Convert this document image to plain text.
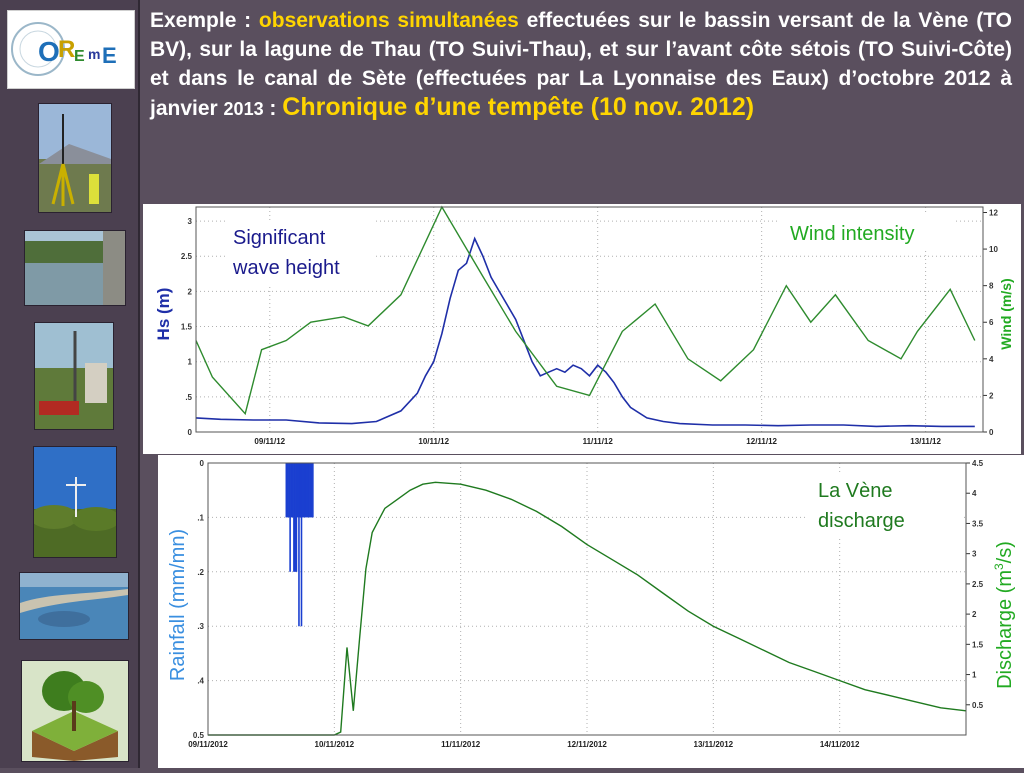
O
R
E m E
Exemple : observations simultanées effectuées sur le bassin versant de la Vène (TO BV), sur la lagune de Thau (TO Suivi-Thau), et sur l’avant côte sétois (TO Suivi-Côte) et dans le canal de Sète (effectuées par La Lyonnaise des Eaux) d’octobre 2012 à janvier 2013 : Chronique d’une tempête (10 nov. 2012)
0
.5
1
1.5
2
2.5
3
0
2
4
6
8
10
12
09/11/12	10/11/12	11/11/12	12/11/12	13/11/12
Hs (m)	Wind (m/s)
Significant
wave height
Wind intensity
0
.1
.2
.3
.4
0.5
0.5
1
1.5
2
2.5
3
3.5
4
4.5
09/11/2012	10/11/2012	11/11/2012	12/11/2012	13/11/2012	14/11/2012
Rainfall (mm/mn)	Discharge $(m^3/s)$
La Vène
discharge
